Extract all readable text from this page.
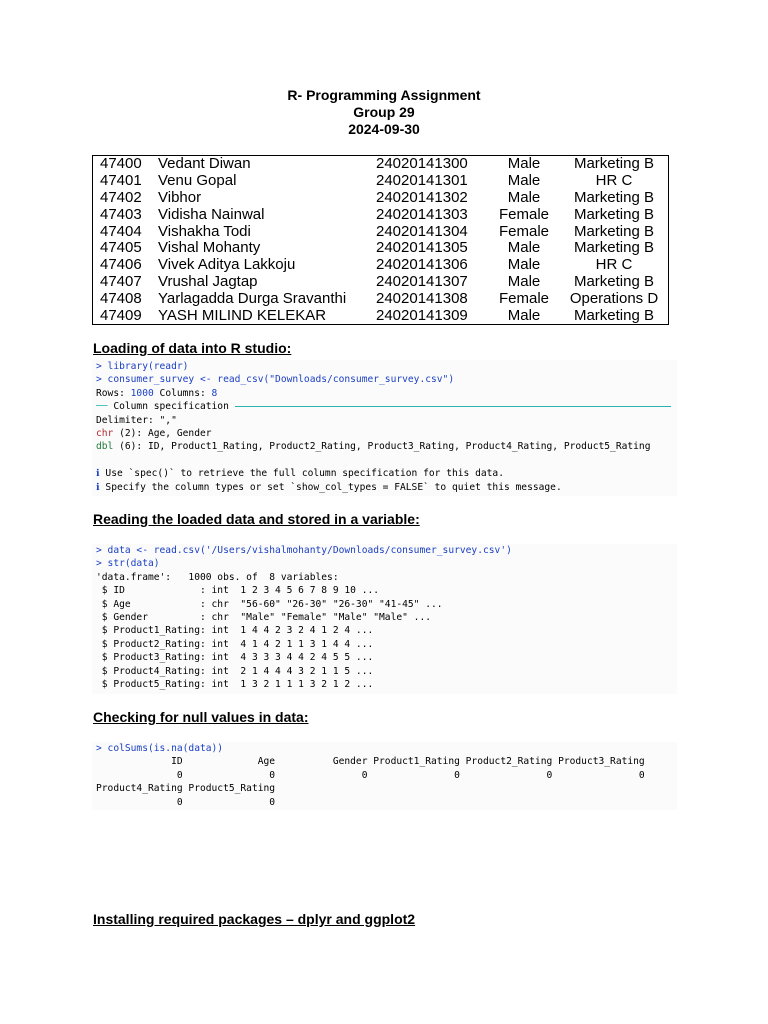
R- Programming Assignment
Group 29
2024-09-30
47400	Vedant Diwan	24020141300	Male	Marketing B
47401	Venu Gopal	24020141301	Male	HR C
47402	Vibhor	24020141302	Male	Marketing B
47403	Vidisha Nainwal	24020141303	Female	Marketing B
47404	Vishakha Todi	24020141304	Female	Marketing B
47405	Vishal Mohanty	24020141305	Male	Marketing B
47406	Vivek Aditya Lakkoju	24020141306	Male	HR C
47407	Vrushal Jagtap	24020141307	Male	Marketing B
47408	Yarlagadda Durga Sravanthi	24020141308	Female	Operations D
47409	YASH MILIND KELEKAR	24020141309	Male	Marketing B
Loading of data into R studio:
> library(readr)
> consumer_survey <- read_csv("Downloads/consumer_survey.csv")
Rows: 1000 Columns: 8
── Column specification
Delimiter: ","
chr (2): Age, Gender
dbl (6): ID, Product1_Rating, Product2_Rating, Product3_Rating, Product4_Rating, Product5_Rating
ℹ Use `spec()` to retrieve the full column specification for this data.
ℹ Specify the column types or set `show_col_types = FALSE` to quiet this message.
Reading the loaded data and stored in a variable:
> data <- read.csv('/Users/vishalmohanty/Downloads/consumer_survey.csv')
> str(data)
'data.frame':   1000 obs. of  8 variables:
$ ID             : int  1 2 3 4 5 6 7 8 9 10 ...
$ Age            : chr  "56-60" "26-30" "26-30" "41-45" ...
$ Gender         : chr  "Male" "Female" "Male" "Male" ...
$ Product1_Rating: int  1 4 4 2 3 2 4 1 2 4 ...
$ Product2_Rating: int  4 1 4 2 1 1 3 1 4 4 ...
$ Product3_Rating: int  4 3 3 3 4 4 2 4 5 5 ...
$ Product4_Rating: int  2 1 4 4 4 3 2 1 1 5 ...
$ Product5_Rating: int  1 3 2 1 1 1 3 2 1 2 ...
Checking for null values in data:
> colSums(is.na(data))
ID             Age          Gender Product1_Rating Product2_Rating Product3_Rating
0               0               0               0               0               0
Product4_Rating Product5_Rating
0               0
Installing required packages – dplyr and ggplot2
